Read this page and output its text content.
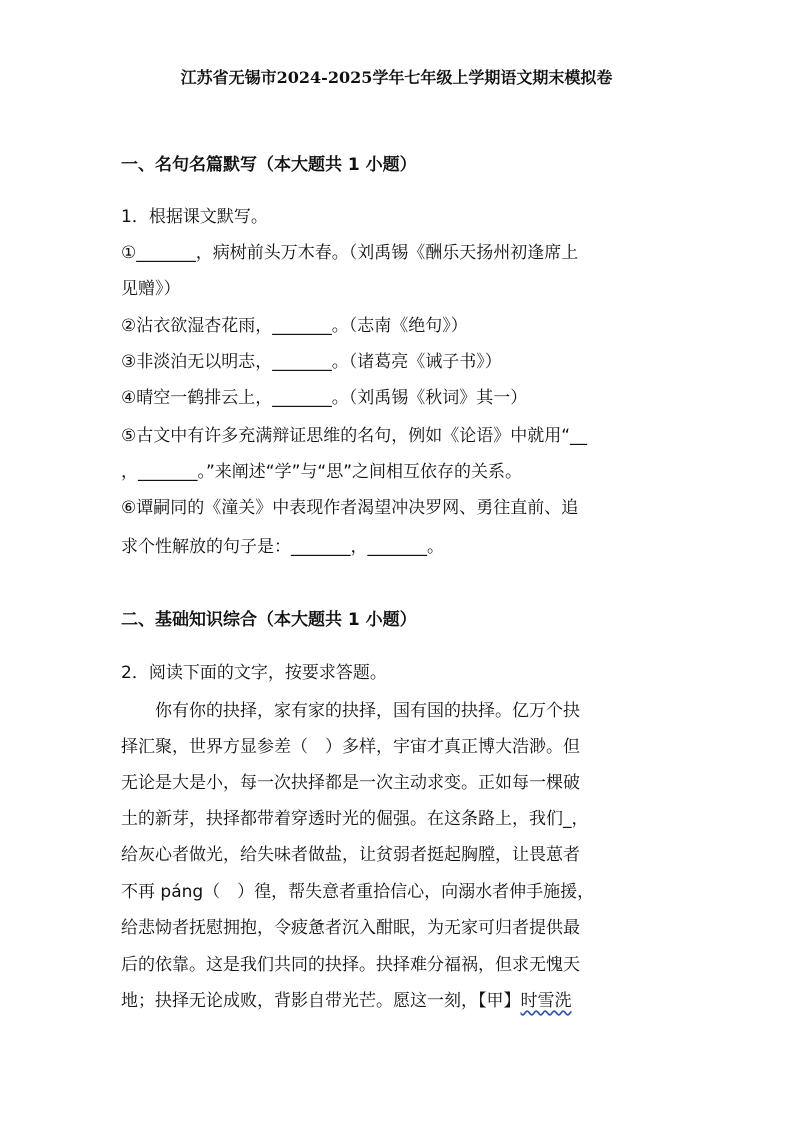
江苏省无锡市2024-2025学年七年级上学期语文期末模拟卷
一、名句名篇默写（本大题共 1 小题）
1．根据课文默写。
①_______，病树前头万木春。（刘禹锡《酬乐天扬州初逢席上
见赠》）
②沾衣欲湿杏花雨，_______。（志南《绝句》）
③非淡泊无以明志，_______。（诸葛亮《诫子书》）
④晴空一鹤排云上，_______。（刘禹锡《秋词》其一）
⑤古文中有许多充满辩证思维的名句，例如《论语》中就用“__
，_______。”来阐述“学”与“思”之间相互依存的关系。
⑥谭嗣同的《潼关》中表现作者渴望冲决罗网、勇往直前、追
求个性解放的句子是：_______，_______。
二、基础知识综合（本大题共 1 小题）
2．阅读下面的文字，按要求答题。
你有你的抉择，家有家的抉择，国有国的抉择。亿万个抉
择汇聚，世界方显参差（　）多样，宇宙才真正博大浩渺。但
无论是大是小，每一次抉择都是一次主动求变。正如每一棵破
土的新芽，抉择都带着穿透时光的倔强。在这条路上，我们_，
给灰心者做光，给失味者做盐，让贫弱者挺起胸膛，让畏葸者
不再 páng（　）徨，帮失意者重拾信心，向溺水者伸手施援，
给悲恸者抚慰拥抱，令疲惫者沉入酣眠，为无家可归者提供最
后的依靠。这是我们共同的抉择。抉择难分福祸，但求无愧天
地；抉择无论成败，背影自带光芒。愿这一刻，【甲】时雪洗
